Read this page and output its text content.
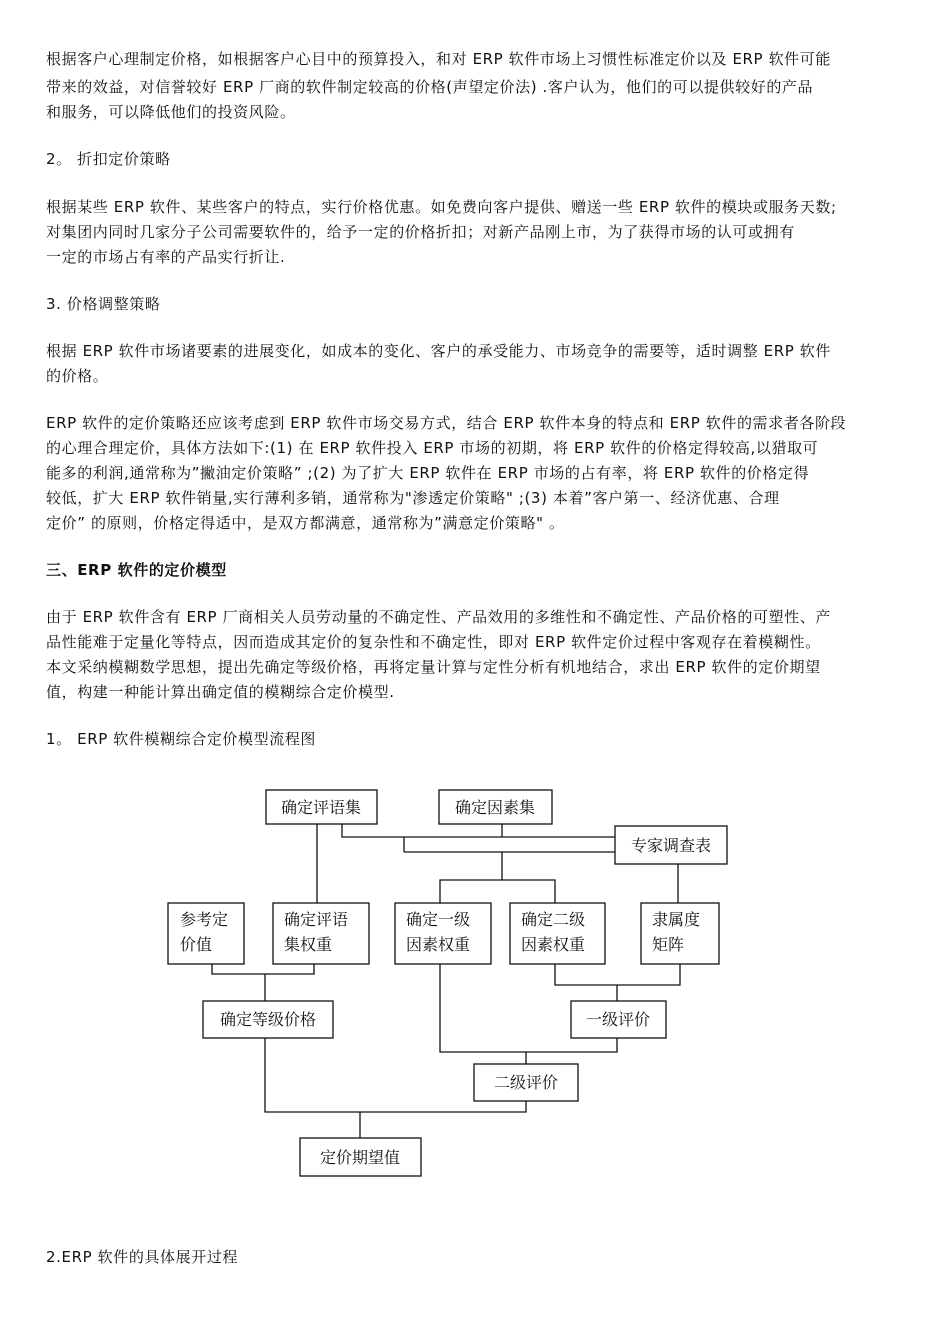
根据客户心理制定价格，如根据客户心目中的预算投入，和对 ERP 软件市场上习惯性标准定价以及 ERP 软件可能
带来的效益，对信誉较好 ERP 厂商的软件制定较高的价格(声望定价法) .客户认为，他们的可以提供较好的产品
和服务，可以降低他们的投资风险。
2。 折扣定价策略
根据某些 ERP 软件、某些客户的特点，实行价格优惠。如免费向客户提供、赠送一些 ERP 软件的模块或服务天数;
对集团内同时几家分子公司需要软件的，给予一定的价格折扣；对新产品刚上市，为了获得市场的认可或拥有
一定的市场占有率的产品实行折让.
3. 价格调整策略
根据 ERP 软件市场诸要素的进展变化，如成本的变化、客户的承受能力、市场竞争的需要等，适时调整 ERP 软件
的价格。
ERP 软件的定价策略还应该考虑到 ERP 软件市场交易方式，结合 ERP 软件本身的特点和 ERP 软件的需求者各阶段
的心理合理定价，具体方法如下:(1) 在 ERP 软件投入 ERP 市场的初期，将 ERP 软件的价格定得较高,以猎取可
能多的利润,通常称为”撇油定价策略” ;(2) 为了扩大 ERP 软件在 ERP 市场的占有率，将 ERP 软件的价格定得
较低，扩大 ERP 软件销量,实行薄利多销，通常称为"渗透定价策略" ;(3) 本着”客户第一、经济优惠、合理
定价” 的原则，价格定得适中，是双方都满意，通常称为”满意定价策略" 。
三、ERP 软件的定价模型
由于 ERP 软件含有 ERP 厂商相关人员劳动量的不确定性、产品效用的多维性和不确定性、产品价格的可塑性、产
品性能难于定量化等特点，因而造成其定价的复杂性和不确定性，即对 ERP 软件定价过程中客观存在着模糊性。
本文采纳模糊数学思想，提出先确定等级价格，再将定量计算与定性分析有机地结合，求出 ERP 软件的定价期望
值，构建一种能计算出确定值的模糊综合定价模型.
1。 ERP 软件模糊综合定价模型流程图
确定评语集	确定因素集
专家调查表
参考定
价值
确定评语
集权重
确定一级
因素权重
确定二级
因素权重
隶属度
矩阵
确定等级价格	一级评价
二级评价
定价期望值
2.ERP 软件的具体展开过程
